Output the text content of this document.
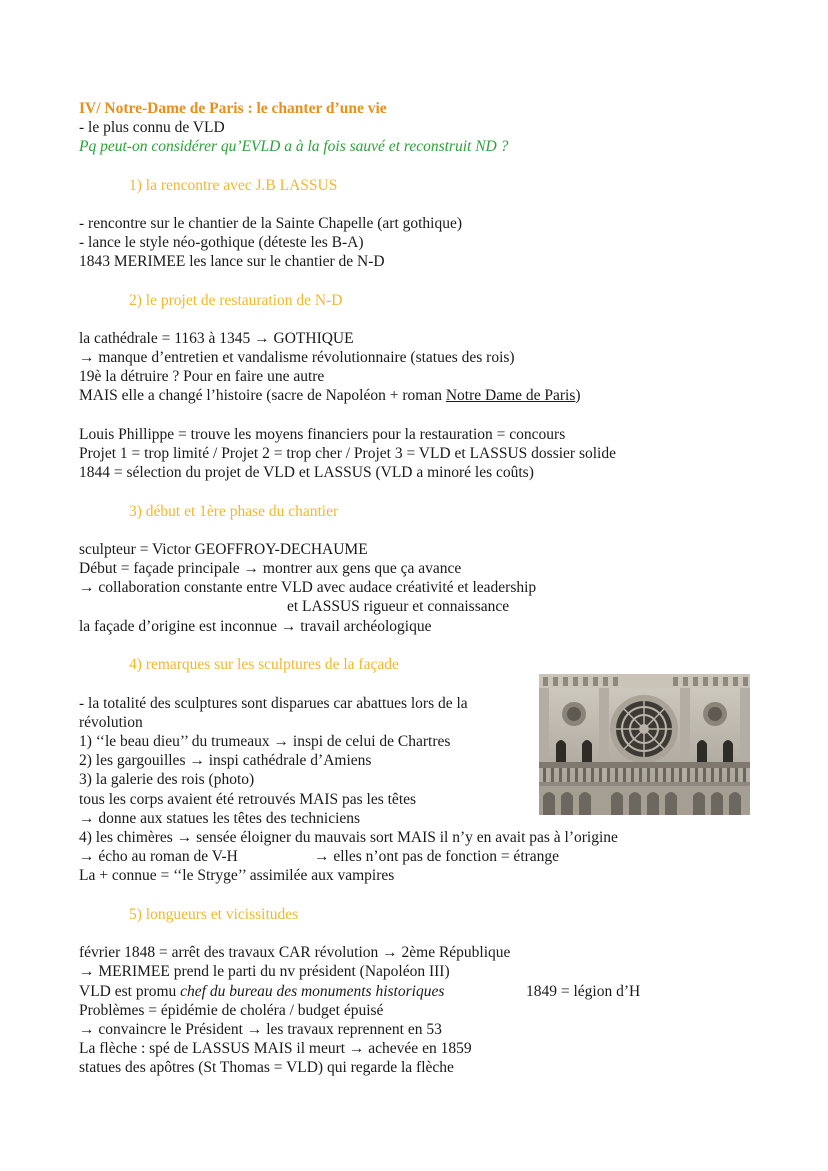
IV/ Notre-Dame de Paris : le chanter d’une vie
- le plus connu de VLD
Pq peut-on considérer qu’EVLD a à la fois sauvé et reconstruit ND ?
1) la rencontre avec J.B LASSUS
- rencontre sur le chantier de la Sainte Chapelle (art gothique)
- lance le style néo-gothique (déteste les B-A)
1843 MERIMEE les lance sur le chantier de N-D
2) le projet de restauration de N-D
la cathédrale = 1163 à 1345 → GOTHIQUE
→ manque d’entretien et vandalisme révolutionnaire (statues des rois)
19è la détruire ? Pour en faire une autre
MAIS elle a changé l’histoire (sacre de Napoléon + roman Notre Dame de Paris)
Louis Phillippe = trouve les moyens financiers pour la restauration = concours
Projet 1 = trop limité / Projet 2 = trop cher / Projet 3 = VLD et LASSUS dossier solide
1844 = sélection du projet de VLD et LASSUS (VLD a minoré les coûts)
3) début et 1ère phase du chantier
sculpteur = Victor GEOFFROY-DECHAUME
Début = façade principale → montrer aux gens que ça avance
→ collaboration constante entre VLD avec audace créativité et leadership
et LASSUS rigueur et connaissance
la façade d’origine est inconnue → travail archéologique
4) remarques sur les sculptures de la façade
- la totalité des sculptures sont disparues car abattues lors de la
révolution
1) ‘‘le beau dieu’’ du trumeaux → inspi de celui de Chartres
2) les gargouilles → inspi cathédrale d’Amiens
3) la galerie des rois (photo)
tous les corps avaient été retrouvés MAIS pas les têtes
→ donne aux statues les têtes des techniciens
4) les chimères → sensée éloigner du mauvais sort MAIS il n’y en avait pas à l’origine
→ écho au roman de V-H	→ elles n’ont pas de fonction = étrange
La + connue = ‘‘le Stryge’’ assimilée aux vampires
5) longueurs et vicissitudes
février 1848 = arrêt des travaux CAR révolution → 2ème République
→ MERIMEE prend le parti du nv président (Napoléon III)
VLD est promu chef du bureau des monuments historiques	1849 = légion d’H
Problèmes = épidémie de choléra / budget épuisé
→ convaincre le Président → les travaux reprennent en 53
La flèche : spé de LASSUS MAIS il meurt → achevée en 1859
statues des apôtres (St Thomas = VLD) qui regarde la flèche
